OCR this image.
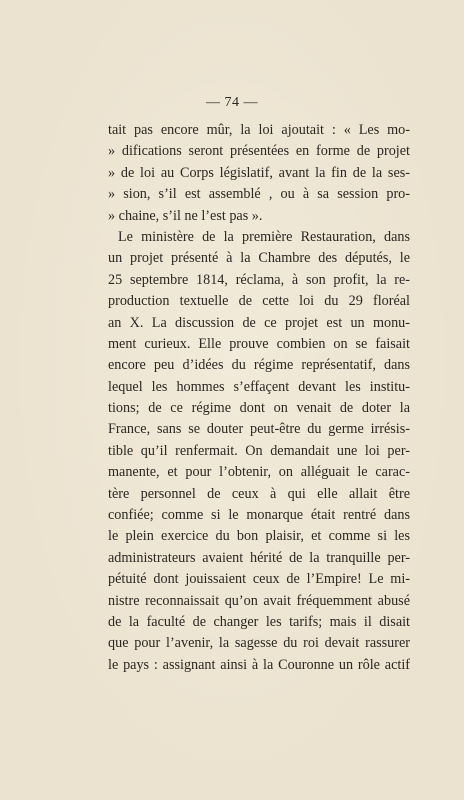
— 74 —
tait pas encore mûr, la loi ajoutait : « Les mo-
» difications seront présentées en forme de projet
» de loi au Corps législatif, avant la fin de la ses-
» sion, s’il est assemblé , ou à sa session pro-
» chaine, s’il ne l’est pas ».
Le ministère de la première Restauration, dans
un projet présenté à la Chambre des députés, le
25 septembre 1814, réclama, à son profit, la re-
production textuelle de cette loi du 29 floréal
an X. La discussion de ce projet est un monu-
ment curieux. Elle prouve combien on se faisait
encore peu d’idées du régime représentatif, dans
lequel les hommes s’effaçent devant les institu-
tions; de ce régime dont on venait de doter la
France, sans se douter peut-être du germe irrésis-
tible qu’il renfermait. On demandait une loi per-
manente, et pour l’obtenir, on alléguait le carac-
tère personnel de ceux à qui elle allait être
confiée; comme si le monarque était rentré dans
le plein exercice du bon plaisir, et comme si les
administrateurs avaient hérité de la tranquille per-
pétuité dont jouissaient ceux de l’Empire! Le mi-
nistre reconnaissait qu’on avait fréquemment abusé
de la faculté de changer les tarifs; mais il disait
que pour l’avenir, la sagesse du roi devait rassurer
le pays : assignant ainsi à la Couronne un rôle actif
